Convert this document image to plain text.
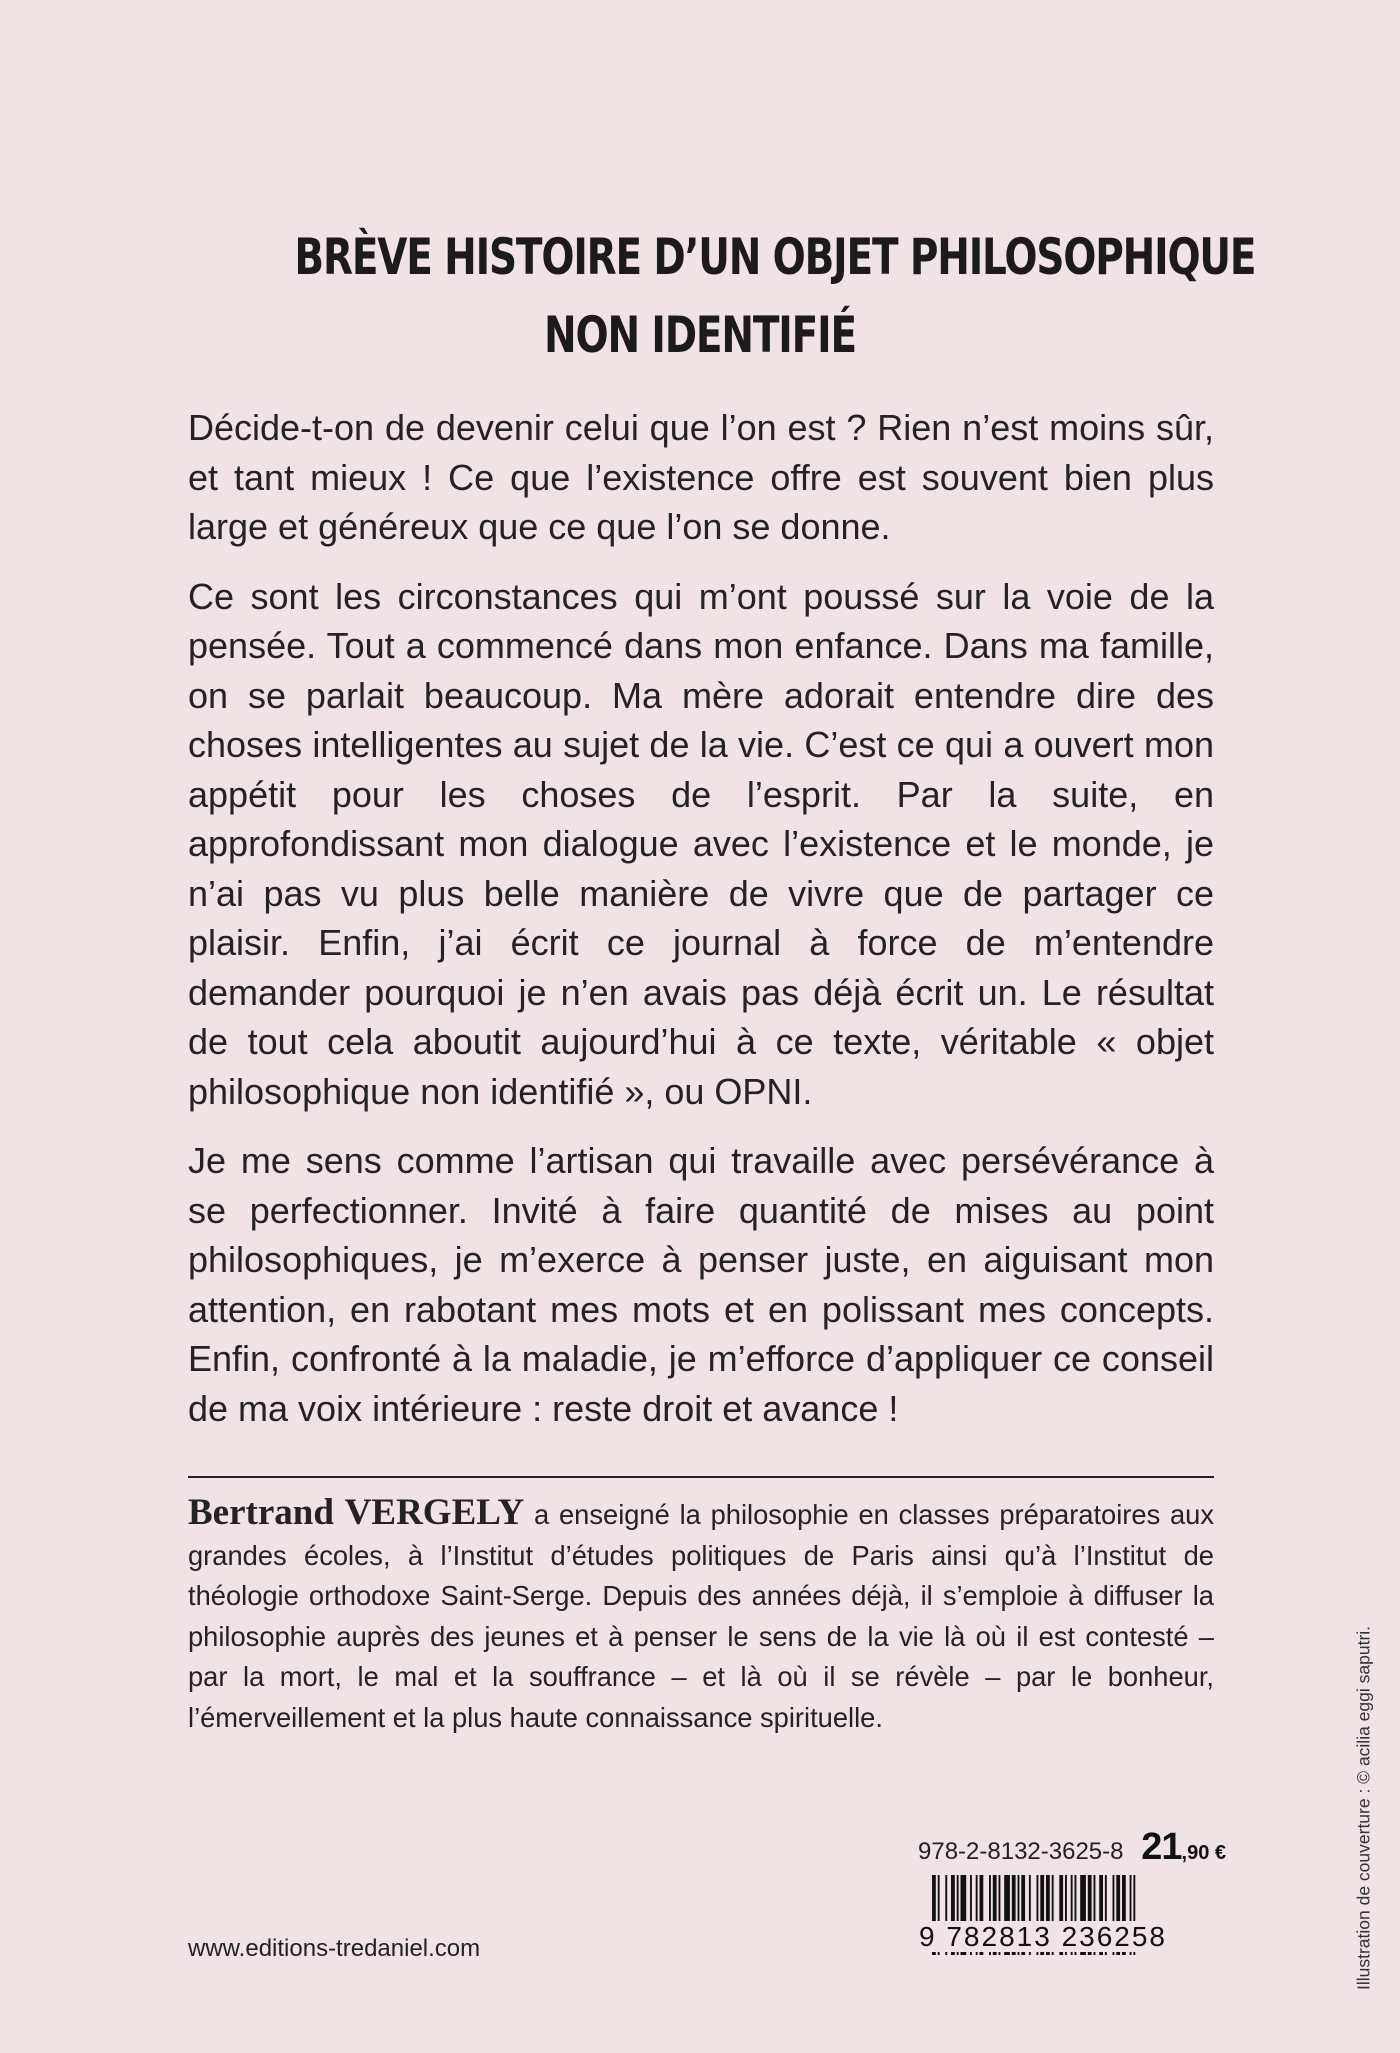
BRÈVE HISTOIRE D’UN OBJET PHILOSOPHIQUE
NON IDENTIFIÉ

Décide-t-on de devenir celui que l’on est ? Rien n’est moins sûr, et tant mieux ! Ce que l’existence offre est souvent bien plus large et généreux que ce que l’on se donne.

Ce sont les circonstances qui m’ont poussé sur la voie de la pensée. Tout a commencé dans mon enfance. Dans ma famille, on se parlait beaucoup. Ma mère adorait entendre dire des choses intelligentes au sujet de la vie. C’est ce qui a ouvert mon appétit pour les choses de l’esprit. Par la suite, en approfondissant mon dialogue avec l’existence et le monde, je n’ai pas vu plus belle manière de vivre que de partager ce plaisir. Enfin, j’ai écrit ce journal à force de m’entendre demander pourquoi je n’en avais pas déjà écrit un. Le résultat de tout cela aboutit aujourd’hui à ce texte, véritable « objet philosophique non identifié », ou OPNI.

Je me sens comme l’artisan qui travaille avec persévérance à se perfectionner. Invité à faire quantité de mises au point philosophiques, je m’exerce à penser juste, en aiguisant mon attention, en rabotant mes mots et en polissant mes concepts. Enfin, confronté à la maladie, je m’efforce d’appliquer ce conseil de ma voix intérieure : reste droit et avance !

Bertrand VERGELY a enseigné la philosophie en classes préparatoires aux grandes écoles, à l’Institut d’études politiques de Paris ainsi qu’à l’Institut de théologie orthodoxe Saint-Serge. Depuis des années déjà, il s’emploie à diffuser la philosophie auprès des jeunes et à penser le sens de la vie là où il est contesté – par la mort, le mal et la souffrance – et là où il se révèle – par le bonheur, l’émerveillement et la plus haute connaissance spirituelle.	Illustration de couverture : © acilia eggi saputri.
978-2-8132-3625-8 21,90 €
9 782813 236258
www.editions-tredaniel.com
